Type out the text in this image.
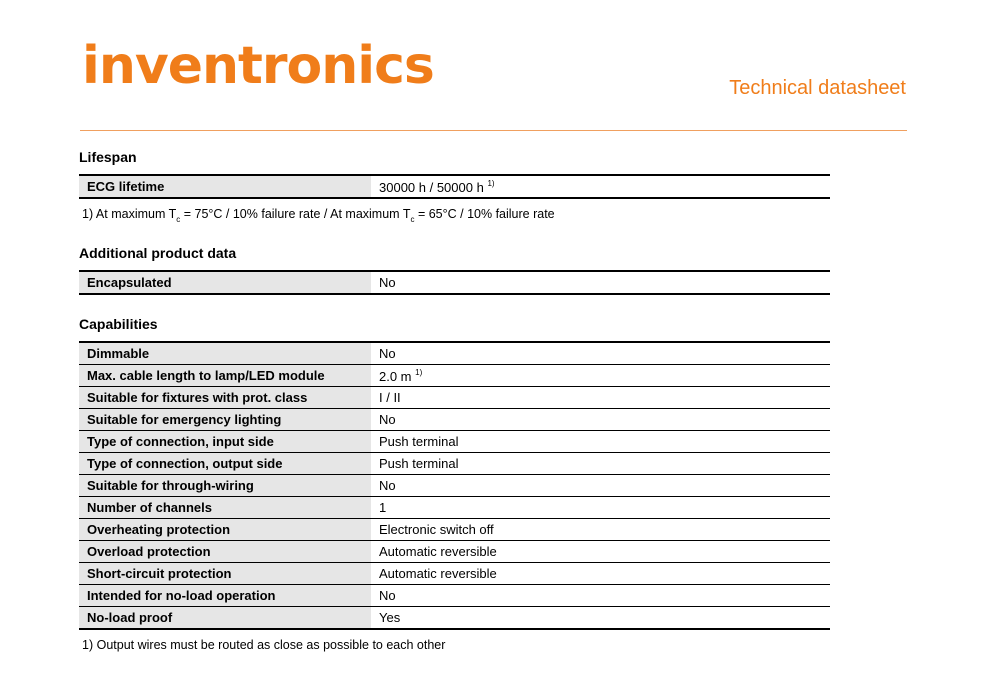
inventronics	Technical datasheet
Lifespan
ECG lifetime	30000 h / 50000 h $^{1)}$
1) At maximum $T_c = 75^\circ C / 10\%$ failure rate / At maximum $T_c = 65^\circ C / 10\%$ failure rate
Additional product data
Encapsulated	No
Capabilities
Dimmable	No
Max. cable length to lamp/LED module	2.0 m $^{1)}$
Suitable for fixtures with prot. class	I / II
Suitable for emergency lighting	No
Type of connection, input side	Push terminal
Type of connection, output side	Push terminal
Suitable for through-wiring	No
Number of channels	1
Overheating protection	Electronic switch off
Overload protection	Automatic reversible
Short-circuit protection	Automatic reversible
Intended for no-load operation	No
No-load proof	Yes
1) Output wires must be routed as close as possible to each other
